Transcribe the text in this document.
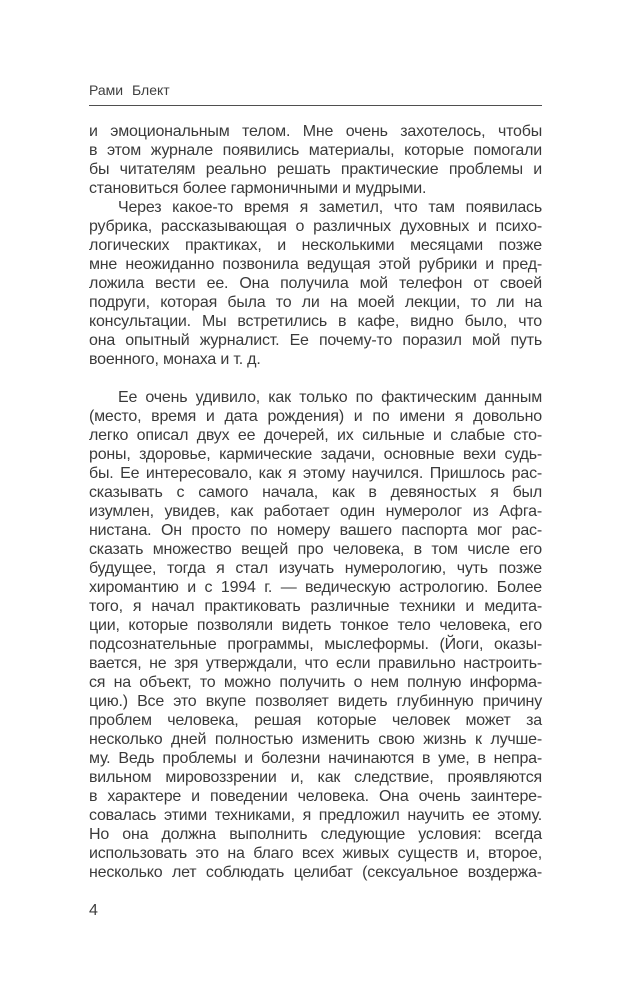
Рами Блект
и эмоциональным телом. Мне очень захотелось, чтобы
в этом журнале появились материалы, которые помогали
бы читателям реально решать практические проблемы и
становиться более гармоничными и мудрыми.
Через какое-то время я заметил, что там появилась
рубрика, рассказывающая о различных духовных и психо-
логических практиках, и несколькими месяцами позже
мне неожиданно позвонила ведущая этой рубрики и пред-
ложила вести ее. Она получила мой телефон от своей
подруги, которая была то ли на моей лекции, то ли на
консультации. Мы встретились в кафе, видно было, что
она опытный журналист. Ее почему-то поразил мой путь
военного, монаха и т. д.
Ее очень удивило, как только по фактическим данным
(место, время и дата рождения) и по имени я довольно
легко описал двух ее дочерей, их сильные и слабые сто-
роны, здоровье, кармические задачи, основные вехи судь-
бы. Ее интересовало, как я этому научился. Пришлось рас-
сказывать с самого начала, как в девяностых я был
изумлен, увидев, как работает один нумеролог из Афга-
нистана. Он просто по номеру вашего паспорта мог рас-
сказать множество вещей про человека, в том числе его
будущее, тогда я стал изучать нумерологию, чуть позже
хиромантию и с 1994 г. — ведическую астрологию. Более
того, я начал практиковать различные техники и медита-
ции, которые позволяли видеть тонкое тело человека, его
подсознательные программы, мыслеформы. (Йоги, оказы-
вается, не зря утверждали, что если правильно настроить-
ся на объект, то можно получить о нем полную информа-
цию.) Все это вкупе позволяет видеть глубинную причину
проблем человека, решая которые человек может за
несколько дней полностью изменить свою жизнь к лучше-
му. Ведь проблемы и болезни начинаются в уме, в непра-
вильном мировоззрении и, как следствие, проявляются
в характере и поведении человека. Она очень заинтере-
совалась этими техниками, я предложил научить ее этому.
Но она должна выполнить следующие условия: всегда
использовать это на благо всех живых существ и, второе,
несколько лет соблюдать целибат (сексуальное воздержа-
4
